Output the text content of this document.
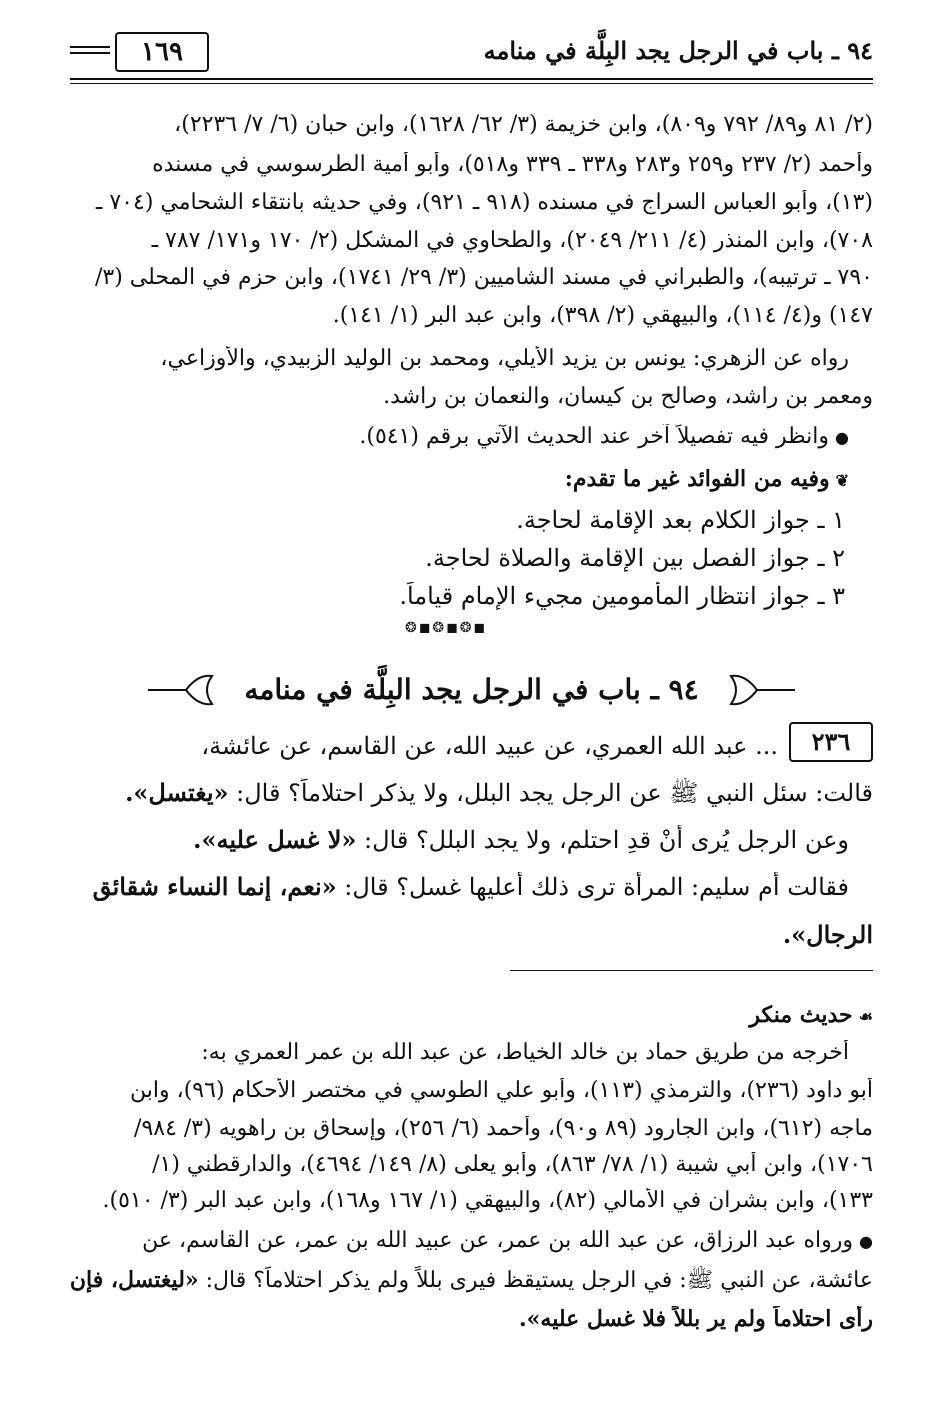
١٦٩	٩٤ ـ باب في الرجل يجد البِلَّة في منامه
(٢/ ٨١ و٨٩/ ٧٩٢ و٨٠٩)، وابن خزيمة (٣/ ٦٢/ ١٦٢٨)، وابن حبان (٦/ ٧/ ٢٢٣٦)،
وأحمد (٢/ ٢٣٧ و٢٥٩ و٢٨٣ و٣٣٨ ـ ٣٣٩ و٥١٨)، وأبو أمية الطرسوسي في مسنده
(١٣)، وأبو العباس السراج في مسنده (٩١٨ ـ ٩٢١)، وفي حديثه بانتقاء الشحامي (٧٠٤ ـ
٧٠٨)، وابن المنذر (٤/ ٢١١/ ٢٠٤٩)، والطحاوي في المشكل (٢/ ١٧٠ و١٧١/ ٧٨٧ ـ
٧٩٠ ـ ترتيبه)، والطبراني في مسند الشاميين (٣/ ٢٩/ ١٧٤١)، وابن حزم في المحلى (٣/
١٤٧) و(٤/ ١١٤)، والبيهقي (٢/ ٣٩٨)، وابن عبد البر (١/ ١٤١).
رواه عن الزهري: يونس بن يزيد الأيلي، ومحمد بن الوليد الزبيدي، والأوزاعي،
ومعمر بن راشد، وصالح بن كيسان، والنعمان بن راشد.
●وانظر فيه تفصيلاً آخر عند الحديث الآتي برقم (٥٤١).
❦وفيه من الفوائد غير ما تقدم:
١ ـ جواز الكلام بعد الإقامة لحاجة.
٢ ـ جواز الفصل بين الإقامة والصلاة لحاجة.
٣ ـ جواز انتظار المأمومين مجيء الإمام قياماً.
❂◼❂◼❂◼
٩٤ ـ باب في الرجل يجد البِلَّة في منامه
٢٣٦
... عبد الله العمري، عن عبيد الله، عن القاسم، عن عائشة،
قالت: سئل النبي ﷺ عن الرجل يجد البلل، ولا يذكر احتلاماً؟ قال: «يغتسل».
وعن الرجل يُرى أنْ قدِ احتلم، ولا يجد البلل؟ قال: «لا غسل عليه».
فقالت أم سليم: المرأة ترى ذلك أعليها غسل؟ قال: «نعم، إنما النساء شقائق
الرجال».
☙حديث منكر
أخرجه من طريق حماد بن خالد الخياط، عن عبد الله بن عمر العمري به:
أبو داود (٢٣٦)، والترمذي (١١٣)، وأبو علي الطوسي في مختصر الأحكام (٩٦)، وابن
ماجه (٦١٢)، وابن الجارود (٨٩ و٩٠)، وأحمد (٦/ ٢٥٦)، وإسحاق بن راهويه (٣/ ٩٨٤/
١٧٠٦)، وابن أبي شيبة (١/ ٧٨/ ٨٦٣)، وأبو يعلى (٨/ ١٤٩/ ٤٦٩٤)، والدارقطني (١/
١٣٣)، وابن بشران في الأمالي (٨٢)، والبيهقي (١/ ١٦٧ و١٦٨)، وابن عبد البر (٣/ ٥١٠).
●ورواه عبد الرزاق، عن عبد الله بن عمر، عن عبيد الله بن عمر، عن القاسم، عن
عائشة، عن النبي ﷺ: في الرجل يستيقظ فيرى بللاً ولم يذكر احتلاماً؟ قال: «ليغتسل، فإن
رأى احتلاماً ولم ير بللاً فلا غسل عليه».
